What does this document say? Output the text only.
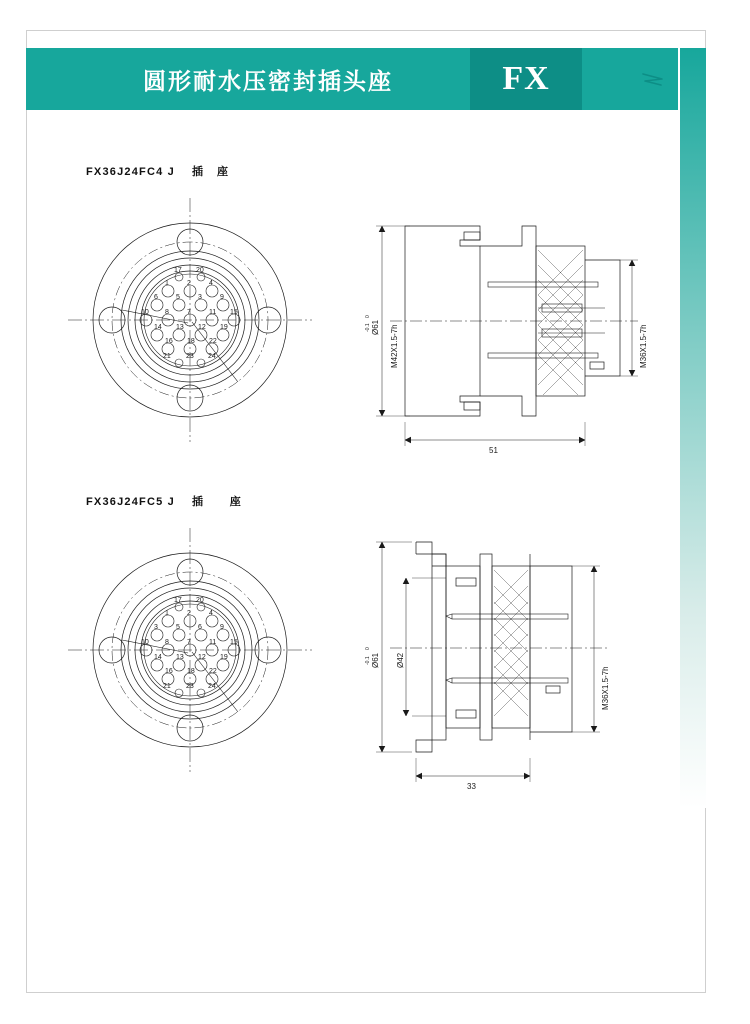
圆形耐水压密封插头座	FX
FX36J24FC4 J    插   座
1	2	4
6	5	3	9
10 8	7	11 15
14 13 12 19
16 18 22
17 20
21 23 24
Ø61
0
-0.1 M42X1.5-7h	M36X1.5-7h
51
FX36J24FC5 J    插      座
1	2	4
3	5	6	9
10 8	7	11 15
14 13 12 19
16 18 22
17 20
21 23 24
Ø61
0
-0.1	Ø42
M36X1.5-7h
33
